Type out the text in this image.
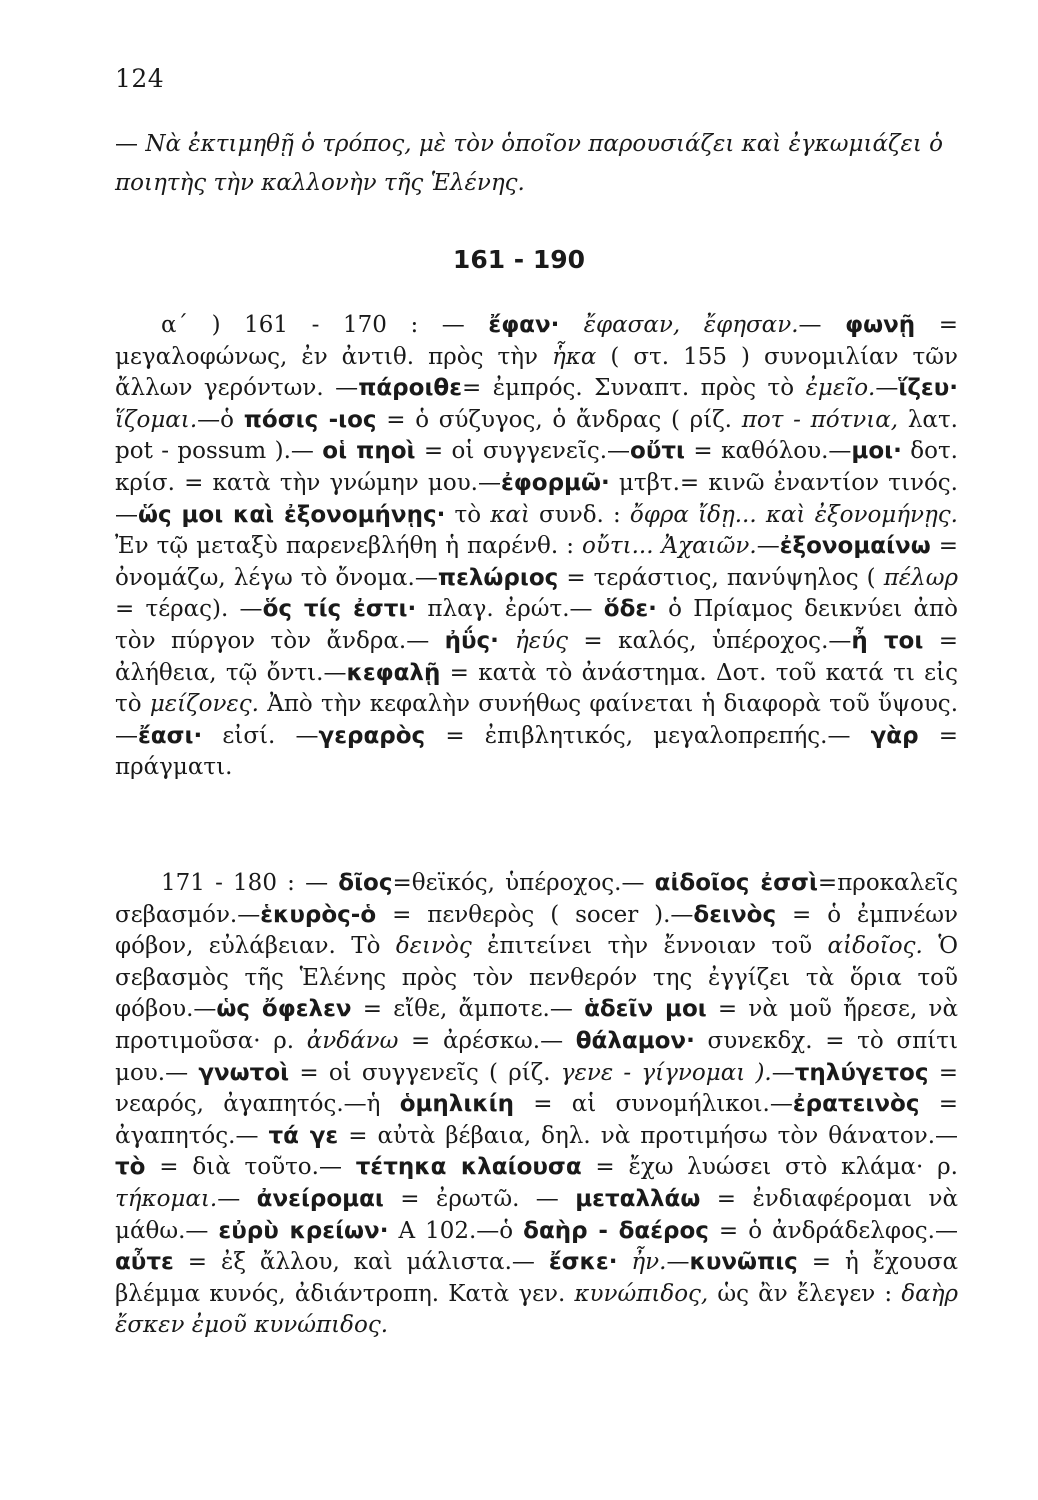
124
— Νὰ ἐκτιμηθῇ ὁ τρόπος, μὲ τὸν ὁποῖον παρουσιάζει καὶ ἐγκωμιάζει ὁ ποιητὴς τὴν καλλονὴν τῆς Ἑλένης.
161 - 190

α΄ ) 161 - 170 : — ἔφαν· ἔφασαν, ἔφησαν.— φωνῇ = μεγαλοφώνως, ἐν ἀντιθ. πρὸς τὴν ἧκα ( στ. 155 ) συνομιλίαν τῶν ἄλλων γερόντων. —πάροιθε= ἐμπρός. Συναπτ. πρὸς τὸ ἐμεῖο.—ἵζευ· ἵζομαι.—ὁ πόσις -ιος = ὁ σύζυγος, ὁ ἄνδρας ( ρίζ. ποτ - πότνια, λατ. pot - possum ).— οἱ πηοὶ = οἱ συγγενεῖς.—οὔτι = καθόλου.—μοι· δοτ. κρίσ. = κατὰ τὴν γνώμην μου.—ἐφορμῶ· μτβτ.= κινῶ ἐναντίον τινός.—ὥς μοι καὶ ἐξονομήνῃς· τὸ καὶ συνδ. : ὄφρα ἴδῃ... καὶ ἐξονομήνῃς. Ἐν τῷ μεταξὺ παρενεβλήθη ἡ παρένθ. : οὔτι... Ἀχαιῶν.—ἐξονομαίνω = ὀνομάζω, λέγω τὸ ὄνομα.—πελώριος = τεράστιος, πανύψηλος ( πέλωρ = τέρας). —ὅς τίς ἐστι· πλαγ. ἐρώτ.— ὅδε· ὁ Πρίαμος δεικνύει ἀπὸ τὸν πύργον τὸν ἄνδρα.— ἠΰς· ἠεύς = καλός, ὑπέροχος.—ἦ τοι = ἀλήθεια, τῷ ὄντι.—κεφαλῇ = κατὰ τὸ ἀνάστημα. Δοτ. τοῦ κατά τι εἰς τὸ μείζονες. Ἀπὸ τὴν κεφαλὴν συνήθως φαίνεται ἡ διαφορὰ τοῦ ὕψους.—ἔασι· εἰσί. —γεραρὸς = ἐπιβλητικός, μεγαλοπρεπής.— γὰρ = πράγματι.

171 - 180 : — δῖος=θεϊκός, ὑπέροχος.— αἰδοῖος ἐσσὶ=προκαλεῖς σεβασμόν.—ἑκυρὸς-ὁ = πενθερὸς ( socer ).—δεινὸς = ὁ ἐμπνέων φόβον, εὐλάβειαν. Τὸ δεινὸς ἐπιτείνει τὴν ἔννοιαν τοῦ αἰδοῖος. Ὁ σεβασμὸς τῆς Ἑλένης πρὸς τὸν πενθερόν της ἐγγίζει τὰ ὅρια τοῦ φόβου.—ὡς ὄφελεν = εἴθε, ἄμποτε.— ἁδεῖν μοι = νὰ μοῦ ἤρεσε, νὰ προτιμοῦσα· ρ. ἀνδάνω = ἀρέσκω.— θάλαμον· συνεκδχ. = τὸ σπίτι μου.— γνωτοὶ = οἱ συγγενεῖς ( ρίζ. γενε - γίγνομαι ).—τηλύγετος = νεαρός, ἀγαπητός.—ἡ ὁμηλικίη = αἱ συνομήλικοι.—ἐρατεινὸς = ἀγαπητός.— τά γε = αὐτὰ βέβαια, δηλ. νὰ προτιμήσω τὸν θάνατον.— τὸ = διὰ τοῦτο.— τέτηκα κλαίουσα = ἔχω λυώσει στὸ κλάμα· ρ. τήκομαι.— ἀνείρομαι = ἐρωτῶ. — μεταλλάω = ἐνδιαφέρομαι νὰ μάθω.— εὐρὺ κρείων· Α 102.—ὁ δαὴρ - δαέρος = ὁ ἀνδράδελφος.—αὖτε = ἐξ ἄλλου, καὶ μάλιστα.— ἔσκε· ἦν.—κυνῶπις = ἡ ἔχουσα βλέμμα κυνός, ἀδιάντροπη. Κατὰ γεν. κυνώπιδος, ὡς ἂν ἔλεγεν : δαὴρ ἔσκεν ἐμοῦ κυνώπιδος.
